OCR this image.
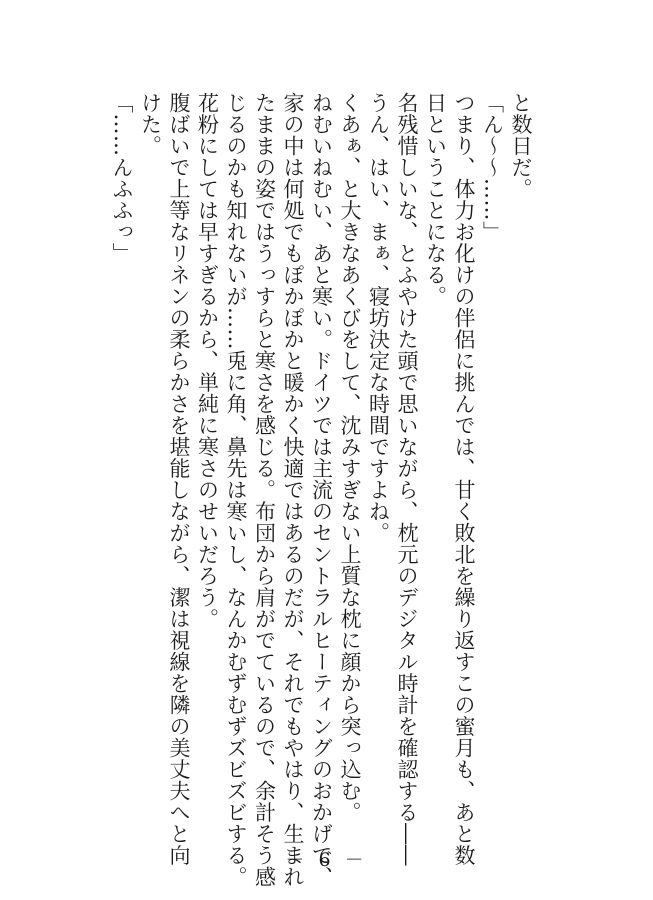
と数日だ。
「ん～～……」
つまり、体力お化けの伴侶に挑んでは、甘く敗北を繰り返すこの蜜月も、あと数
日ということになる。
名残惜しいな、とふやけた頭で思いながら、枕元のデジタル時計を確認する――
うん、はい、まぁ、寝坊決定な時間ですよね。
くあぁ、と大きなあくびをして、沈みすぎない上質な枕に顔から突っ込む。
ねむいねむい、あと寒い。ドイツでは主流のセントラルヒーティングのおかげで、
家の中は何処でもぽかぽかと暖かく快適ではあるのだが、それでもやはり、生まれ
たままの姿ではうっすらと寒さを感じる。布団から肩がでているので、余計そう感
じるのかも知れないが……兎に角、鼻先は寒いし、なんかむずむずズビズビする。
花粉にしては早すぎるから、単純に寒さのせいだろう。
腹ばいで上等なリネンの柔らかさを堪能しながら、潔は視線を隣の美丈夫へと向
けた。
「……んふふっ」
－ 6 －
